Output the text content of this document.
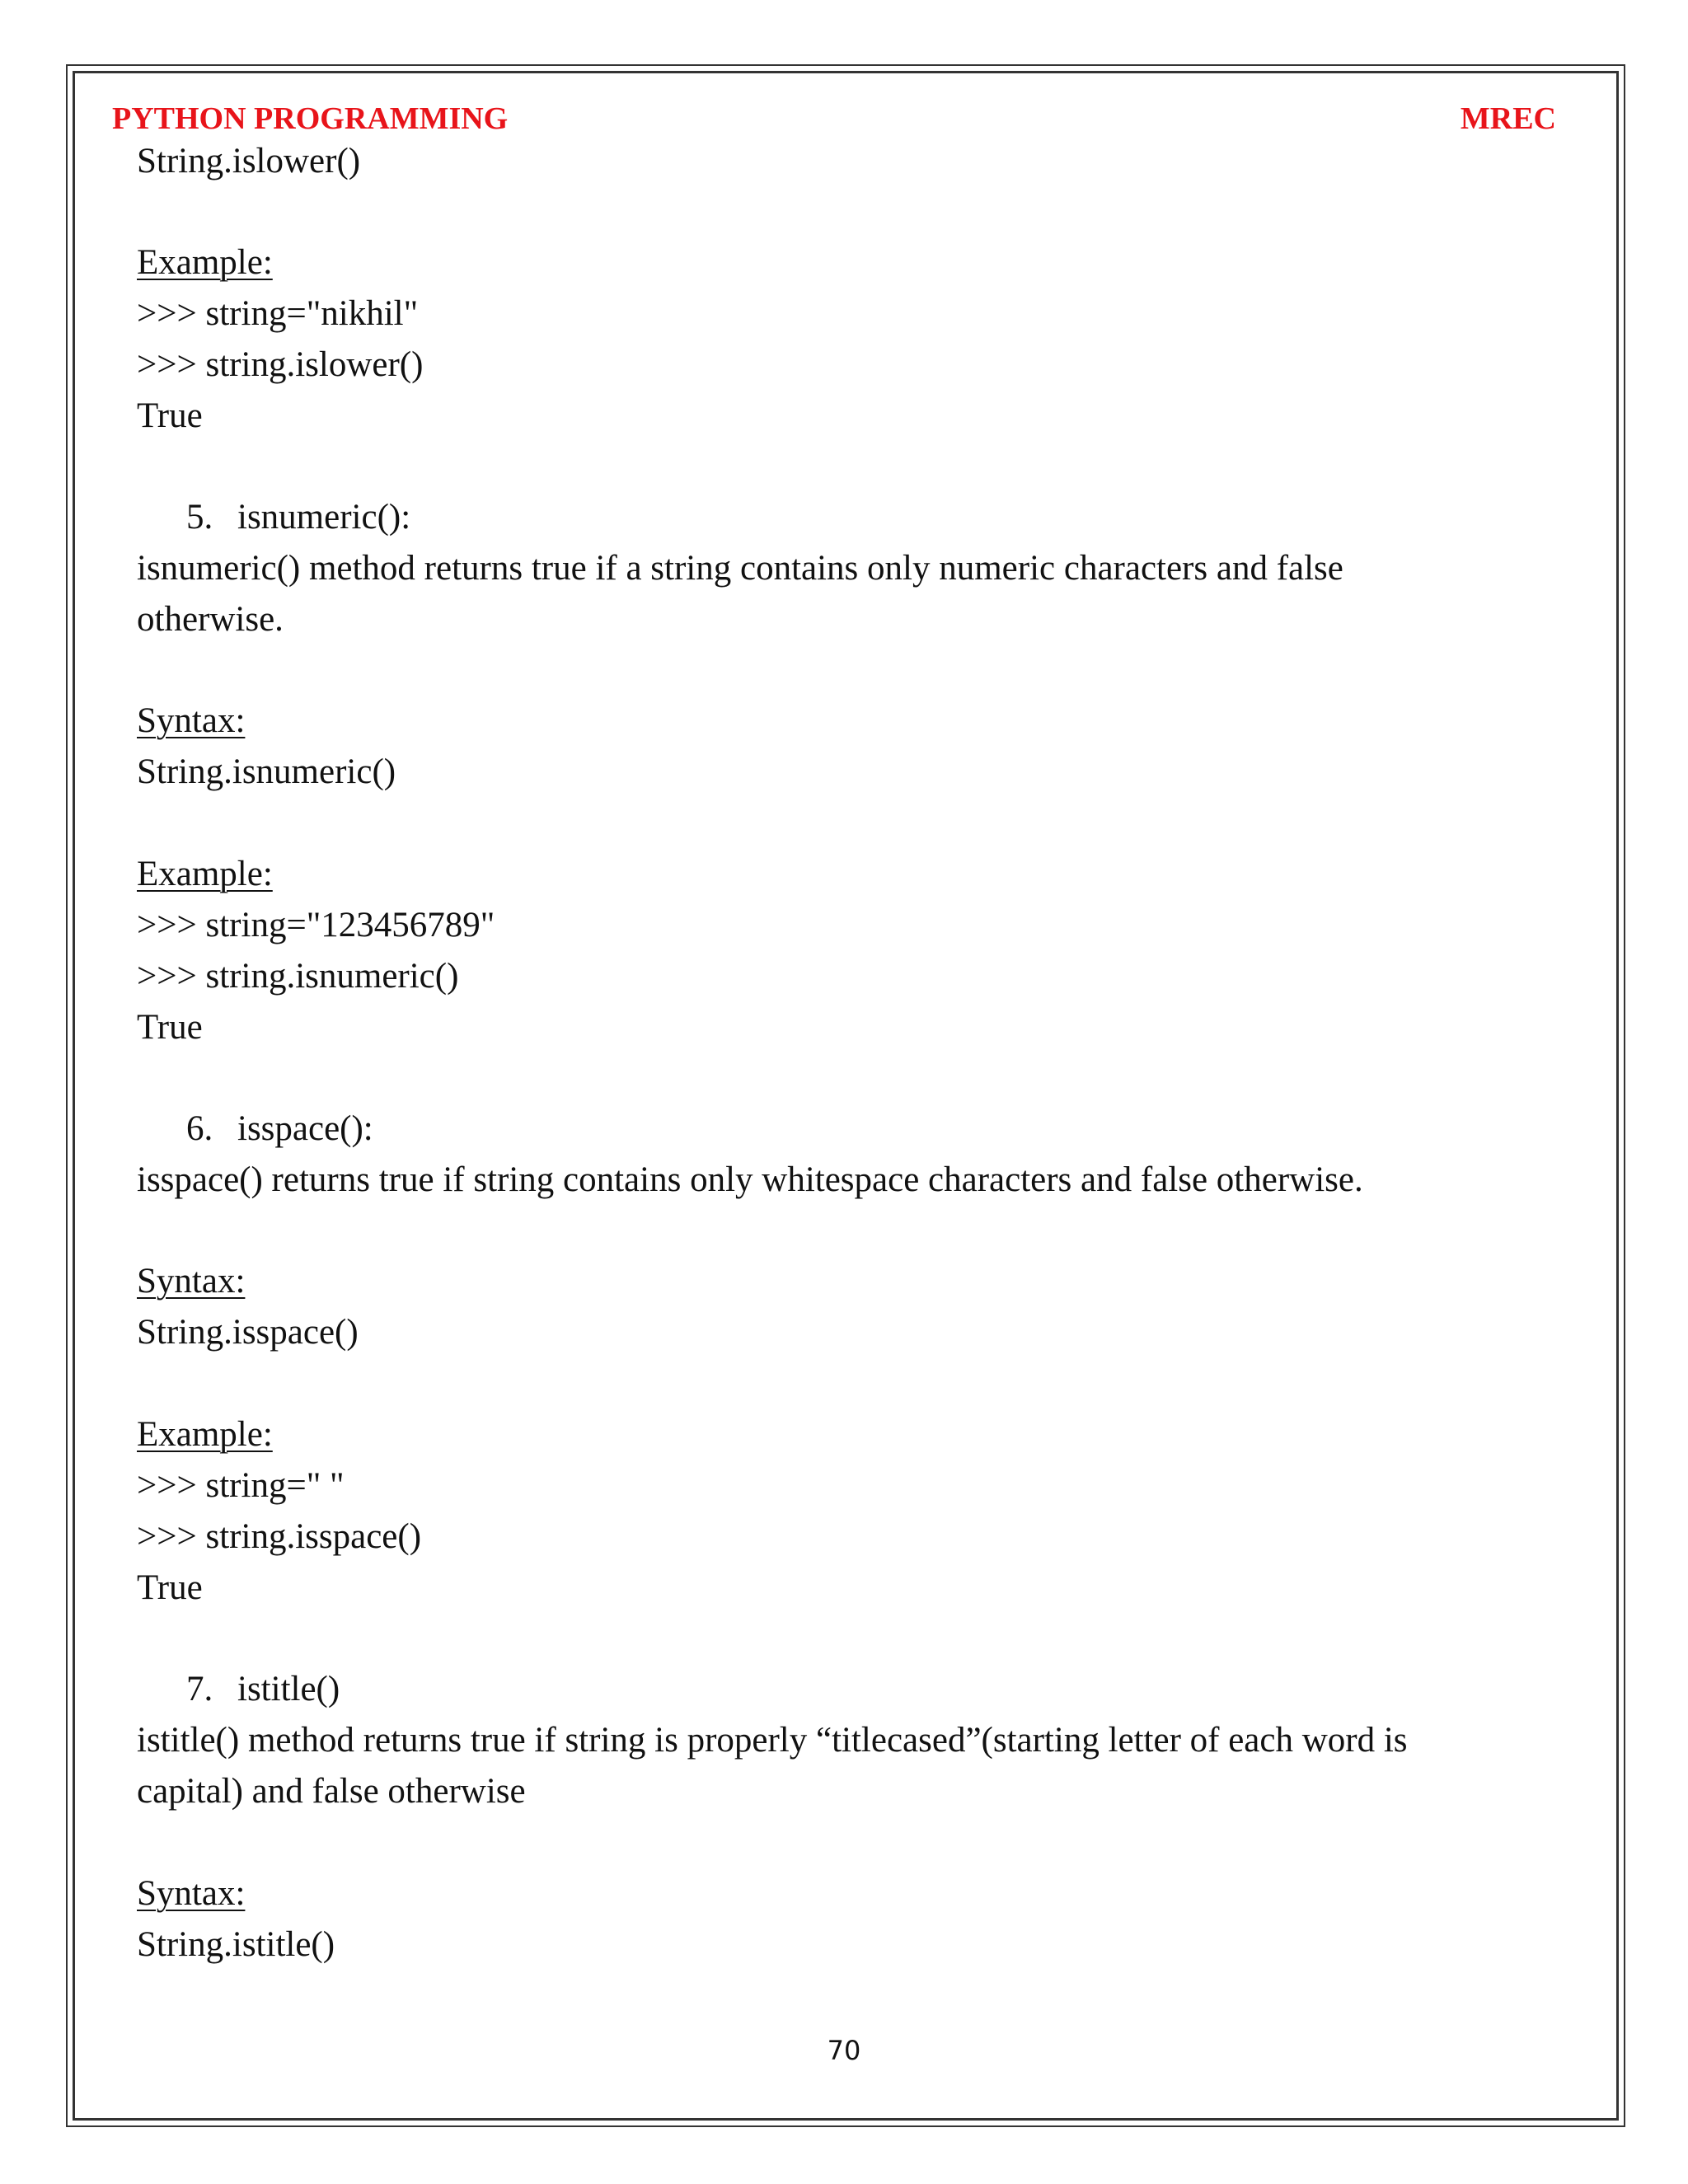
PYTHON PROGRAMMING	MREC
String.islower()
Example:
>>> string="nikhil"
>>> string.islower()
True
5. isnumeric():
isnumeric() method returns true if a string contains only numeric characters and false
otherwise.
Syntax:
String.isnumeric()
Example:
>>> string="123456789"
>>> string.isnumeric()
True
6. isspace():
isspace() returns true if string contains only whitespace characters and false otherwise.
Syntax:
String.isspace()
Example:
>>> string=" "
>>> string.isspace()
True
7. istitle()
istitle() method returns true if string is properly “titlecased”(starting letter of each word is
capital) and false otherwise
Syntax:
String.istitle()
70
